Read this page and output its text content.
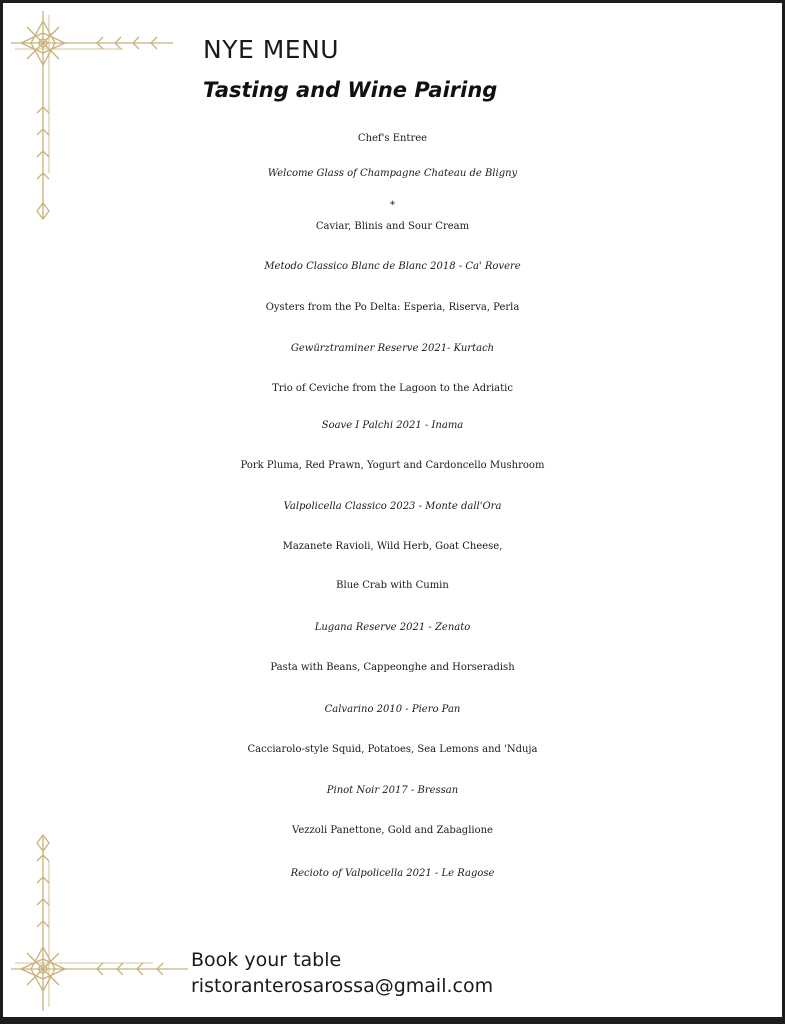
NYE MENU
Tasting and Wine Pairing
Chef's Entree
Welcome Glass of Champagne Chateau de Bligny
*
Caviar, Blinis and Sour Cream
Metodo Classico Blanc de Blanc 2018 - Ca' Rovere
Oysters from the Po Delta: Esperia, Riserva, Perla
Gewürztraminer Reserve 2021- Kurtach
Trio of Ceviche from the Lagoon to the Adriatic
Soave I Palchi 2021 - Inama
Pork Pluma, Red Prawn, Yogurt and Cardoncello Mushroom
Valpolicella Classico 2023 - Monte dall'Ora
Mazanete Ravioli, Wild Herb, Goat Cheese,
Blue Crab with Cumin
Lugana Reserve 2021 - Zenato
Pasta with Beans, Cappeonghe and Horseradish
Calvarino 2010 - Piero Pan
Cacciarolo-style Squid, Potatoes, Sea Lemons and 'Nduja
Pinot Noir 2017 - Bressan
Vezzoli Panettone, Gold and Zabaglione
Recioto of Valpolicella 2021 - Le Ragose
Book your table
ristoranterosarossa@gmail.com
